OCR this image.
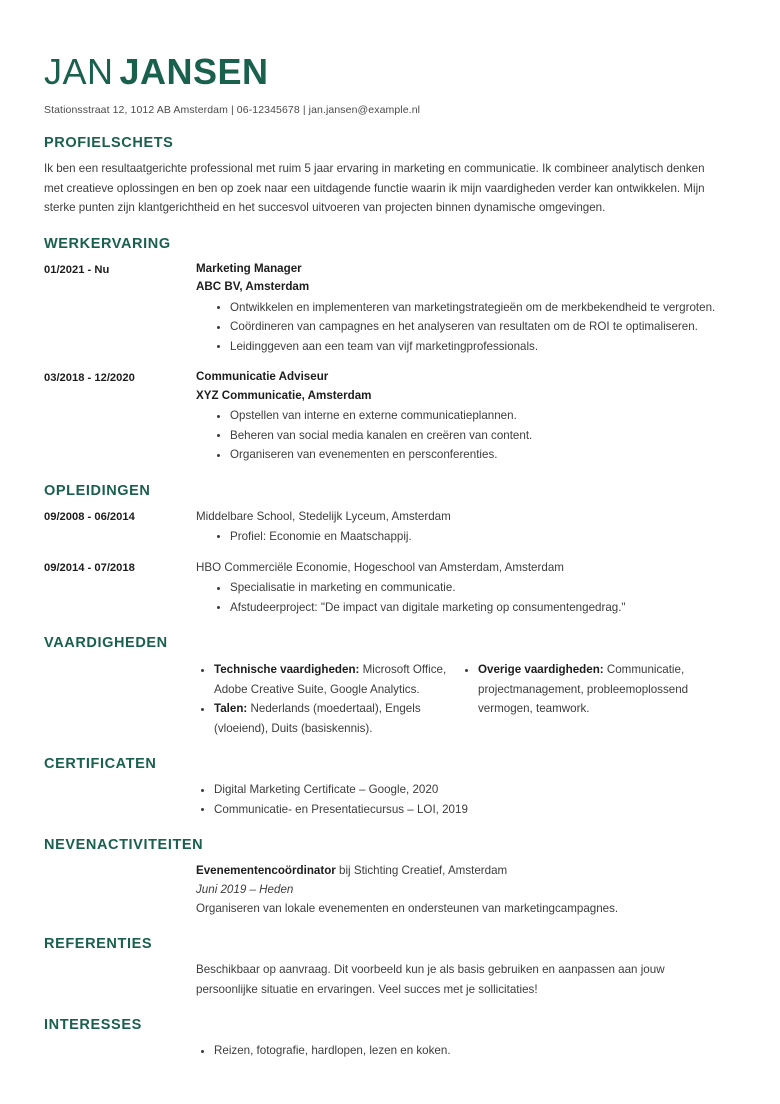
JAN JANSEN
Stationsstraat 12, 1012 AB Amsterdam | 06-12345678 | jan.jansen@example.nl
PROFIELSCHETS
Ik ben een resultaatgerichte professional met ruim 5 jaar ervaring in marketing en communicatie. Ik combineer analytisch denken met creatieve oplossingen en ben op zoek naar een uitdagende functie waarin ik mijn vaardigheden verder kan ontwikkelen. Mijn sterke punten zijn klantgerichtheid en het succesvol uitvoeren van projecten binnen dynamische omgevingen.
WERKERVARING
01/2021 - Nu	Marketing Manager
ABC BV, Amsterdam
Ontwikkelen en implementeren van marketingstrategieën om de merkbekendheid te vergroten.
Coördineren van campagnes en het analyseren van resultaten om de ROI te optimaliseren.
Leidinggeven aan een team van vijf marketingprofessionals.
03/2018 - 12/2020	Communicatie Adviseur
XYZ Communicatie, Amsterdam
Opstellen van interne en externe communicatieplannen.
Beheren van social media kanalen en creëren van content.
Organiseren van evenementen en persconferenties.
OPLEIDINGEN
09/2008 - 06/2014	Middelbare School, Stedelijk Lyceum, Amsterdam
Profiel: Economie en Maatschappij.
09/2014 - 07/2018	HBO Commerciële Economie, Hogeschool van Amsterdam, Amsterdam
Specialisatie in marketing en communicatie.
Afstudeerproject: "De impact van digitale marketing op consumentengedrag."
VAARDIGHEDEN
Technische vaardigheden: Microsoft Office, Adobe Creative Suite, Google Analytics.
Talen: Nederlands (moedertaal), Engels (vloeiend), Duits (basiskennis).
Overige vaardigheden: Communicatie, projectmanagement, probleemoplossend vermogen, teamwork.
CERTIFICATEN
Digital Marketing Certificate – Google, 2020
Communicatie- en Presentatiecursus – LOI, 2019
NEVENACTIVITEITEN
Evenementencoördinator bij Stichting Creatief, Amsterdam
Juni 2019 – Heden
Organiseren van lokale evenementen en ondersteunen van marketingcampagnes.
REFERENTIES
Beschikbaar op aanvraag. Dit voorbeeld kun je als basis gebruiken en aanpassen aan jouw persoonlijke situatie en ervaringen. Veel succes met je sollicitaties!
INTERESSES
Reizen, fotografie, hardlopen, lezen en koken.
